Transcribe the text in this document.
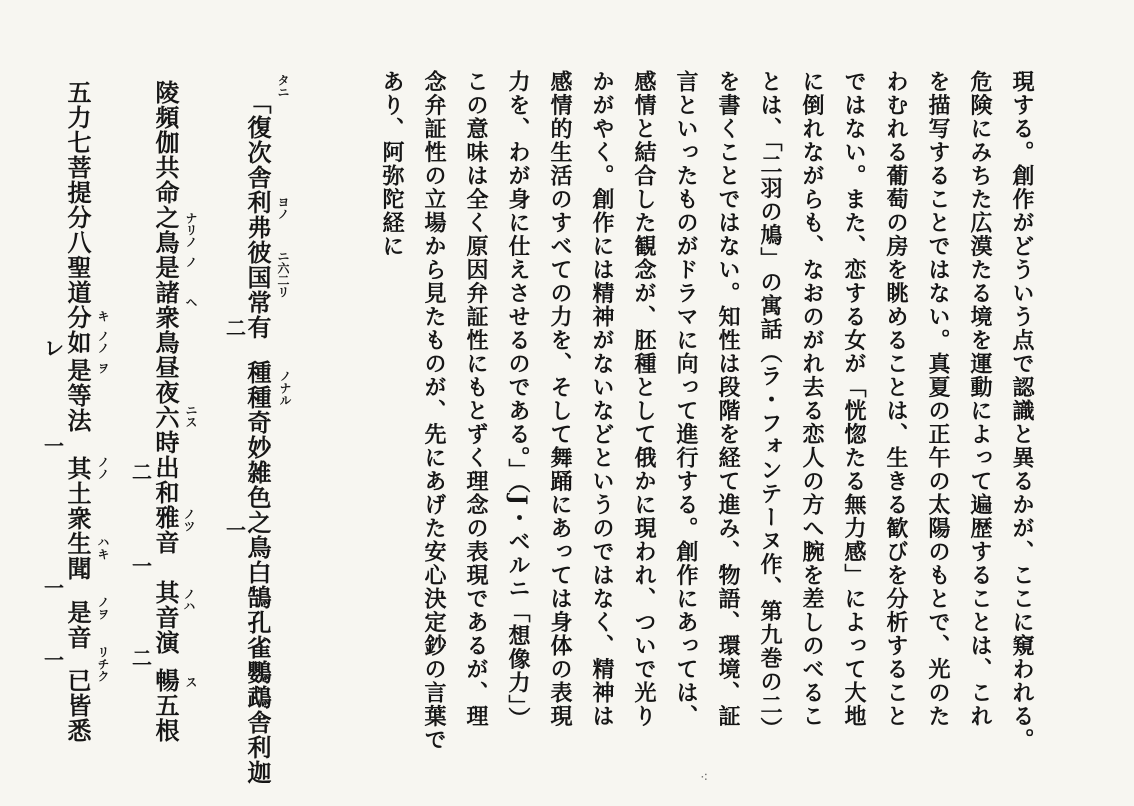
現する。創作がどういう点で認識と異るかが、ここに窺われる。
危険にみちた広漠たる境を運動によって遍歴することは、これ
を描写することではない。真夏の正午の太陽のもとで、光のた
わむれる葡萄の房を眺めることは、生きる歓びを分析すること
ではない。また、恋する女が「恍惚たる無力感」によって大地
に倒れながらも、なおのがれ去る恋人の方へ腕を差しのべるこ
とは、「二羽の鳩」の寓話（ラ・フォンテーヌ作、第九巻の二）
を書くことではない。知性は段階を経て進み、物語、環境、証
言といったものがドラマに向って進行する。創作にあっては、
感情と結合した観念が、胚種として俄かに現われ、ついで光り
かがやく。創作には精神がないなどというのではなく、精神は
感情的生活のすべての力を、そして舞踊にあっては身体の表現
力を、わが身に仕えさせるのである。」（J・ベルニ「想像力」）
この意味は全く原因弁証性にもとずく理念の表現であるが、理
念弁証性の立場から見たものが、先にあげた安心決定鈔の言葉で
あり、阿弥陀経に
「復次舎利弗彼国常有
種種奇妙雑色之鳥白鵠孔雀鸚鵡舎利迦
陵頻伽共命之鳥是諸衆鳥昼夜六時出
和雅音
其音演
暢五根
五力七菩提分八聖道分如
是等法
其土衆生聞
是音
已皆悉
タニ
ヨノ
ニ六二リ
ノナル
ナリノ
ノ
ヘ
ニス
ノツ
ノハ
ス
キ
ノノ
ヲ
ノノ
ハキ
ノヲ
リチク
二
一
二
一
二
一
一
レ
一
⁖
